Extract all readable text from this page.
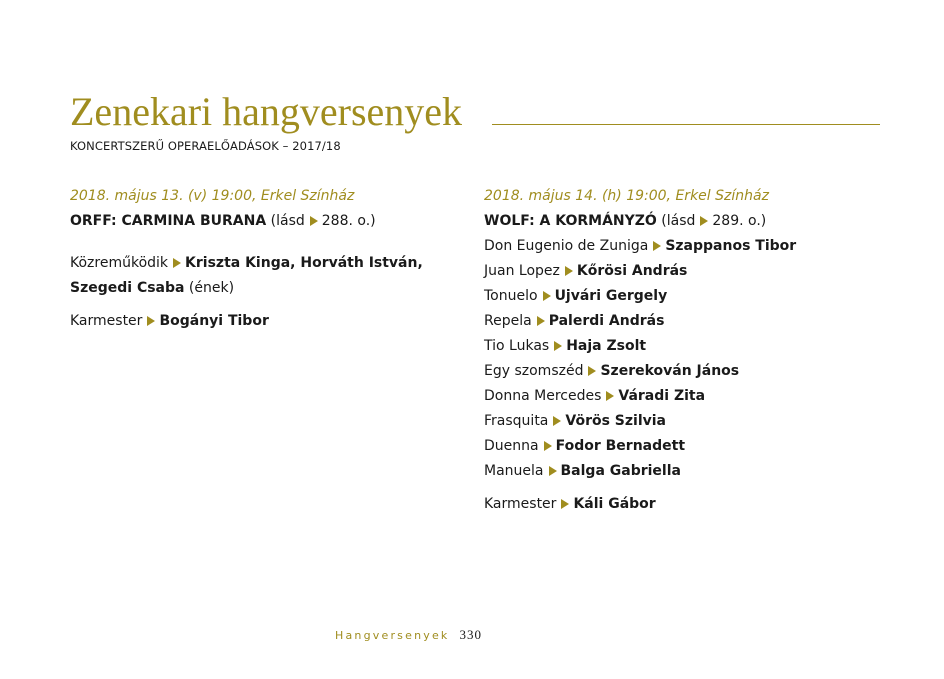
Zenekari hangversenyek
KONCERTSZERŰ OPERAELŐADÁSOK – 2017/18
2018. május 13. (v) 19:00, Erkel Színház
ORFF: CARMINA BURANA (lásd 288. o.)
Közreműködik Kriszta Kinga, Horváth István,
Szegedi Csaba (ének)
Karmester Bogányi Tibor
2018. május 14. (h) 19:00, Erkel Színház
WOLF: A KORMÁNYZÓ (lásd 289. o.)
Don Eugenio de Zuniga Szappanos Tibor
Juan Lopez Kőrösi András
Tonuelo Ujvári Gergely
Repela Palerdi András
Tio Lukas Haja Zsolt
Egy szomszéd Szerekován János
Donna Mercedes Váradi Zita
Frasquita Vörös Szilvia
Duenna Fodor Bernadett
Manuela Balga Gabriella
Karmester Káli Gábor
Hangversenyek 330
